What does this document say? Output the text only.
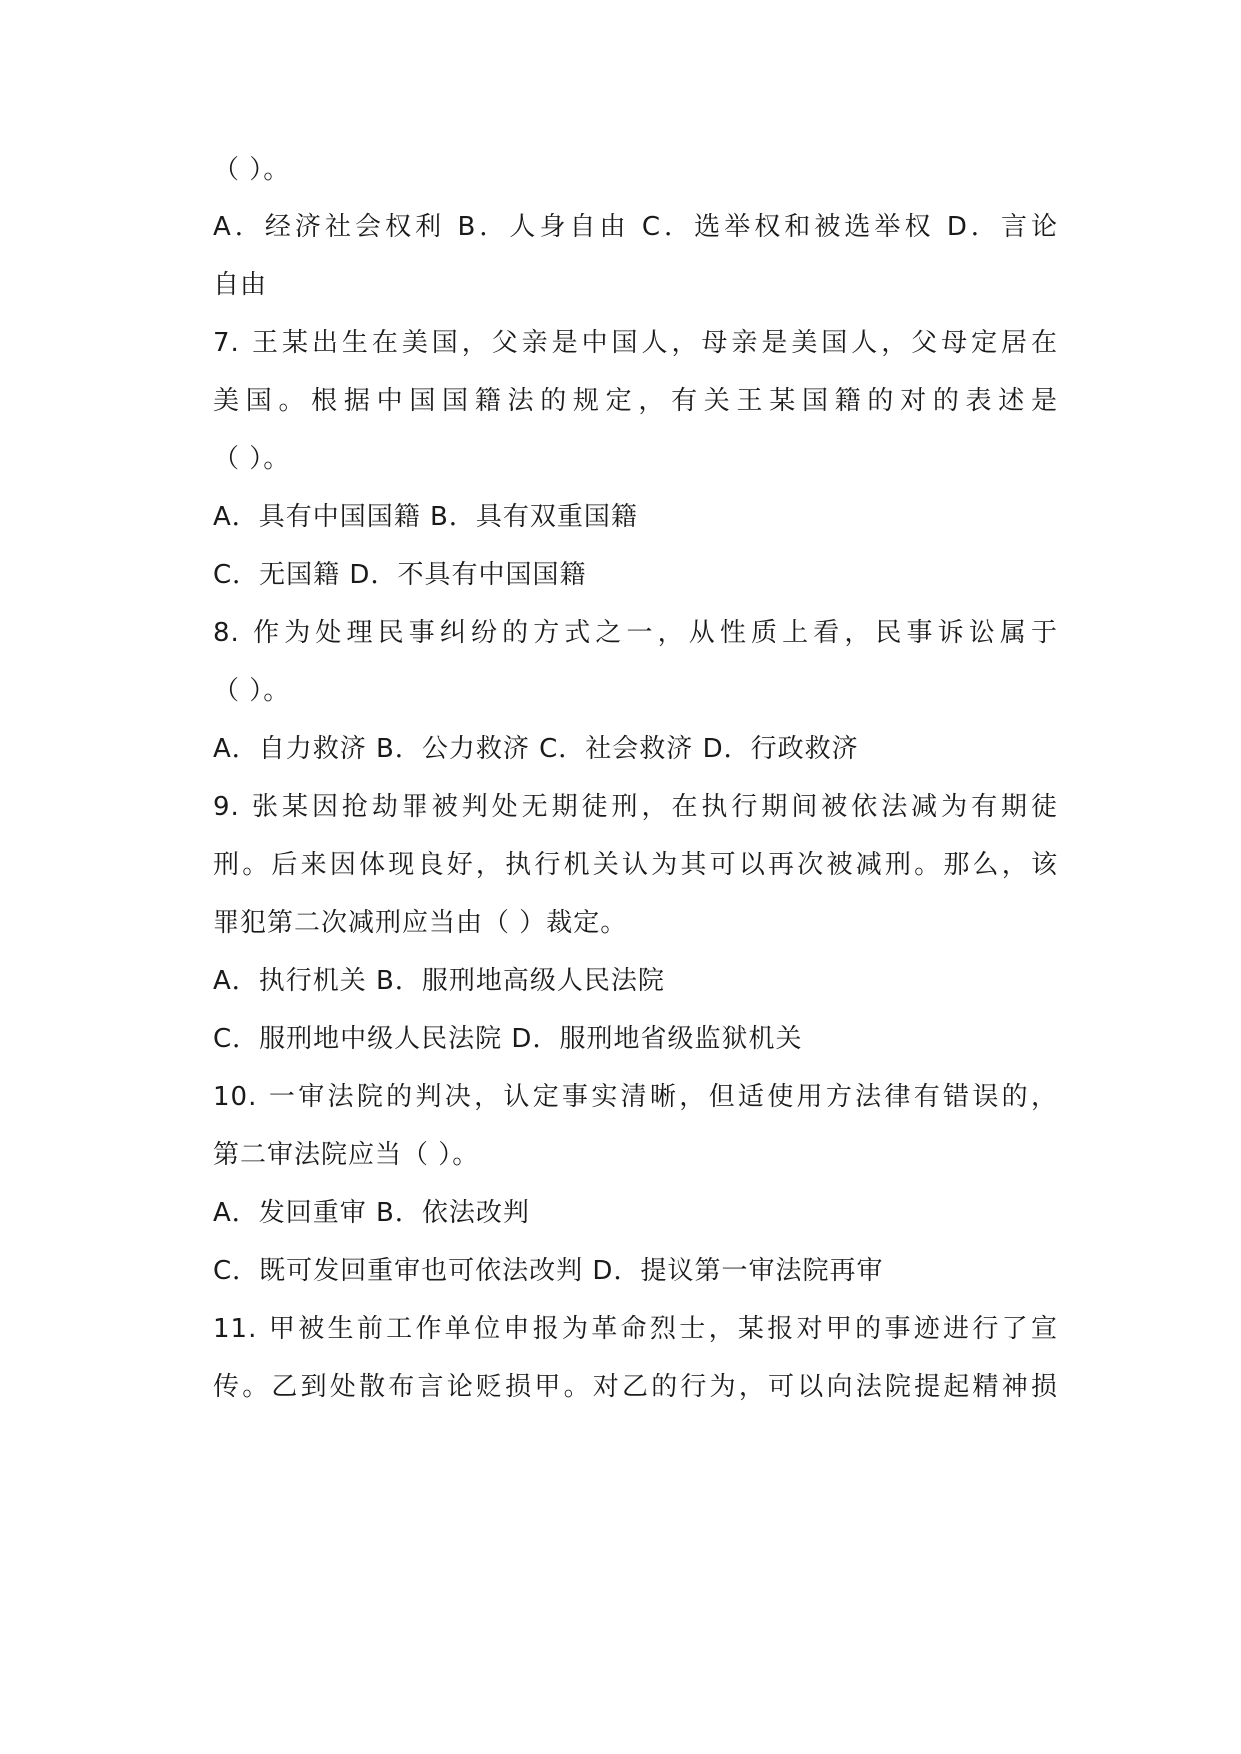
（ ）。
A．经济社会权利 B．人身自由 C．选举权和被选举权 D．言论
自由
7. 王某出生在美国，父亲是中国人，母亲是美国人，父母定居在
美国。根据中国国籍法的规定，有关王某国籍的对的表述是
（ ）。
A．具有中国国籍 B．具有双重国籍
C．无国籍 D．不具有中国国籍
8. 作为处理民事纠纷的方式之一，从性质上看，民事诉讼属于
（ ）。
A．自力救济 B．公力救济 C．社会救济 D．行政救济
9. 张某因抢劫罪被判处无期徒刑，在执行期间被依法减为有期徒
刑。后来因体现良好，执行机关认为其可以再次被减刑。那么，该
罪犯第二次减刑应当由（ ）裁定。
A．执行机关 B．服刑地高级人民法院
C．服刑地中级人民法院 D．服刑地省级监狱机关
10. 一审法院的判决，认定事实清晰，但适使用方法律有错误的，
第二审法院应当（ ）。
A．发回重审 B．依法改判
C．既可发回重审也可依法改判 D．提议第一审法院再审
11. 甲被生前工作单位申报为革命烈士，某报对甲的事迹进行了宣
传。乙到处散布言论贬损甲。对乙的行为，可以向法院提起精神损
